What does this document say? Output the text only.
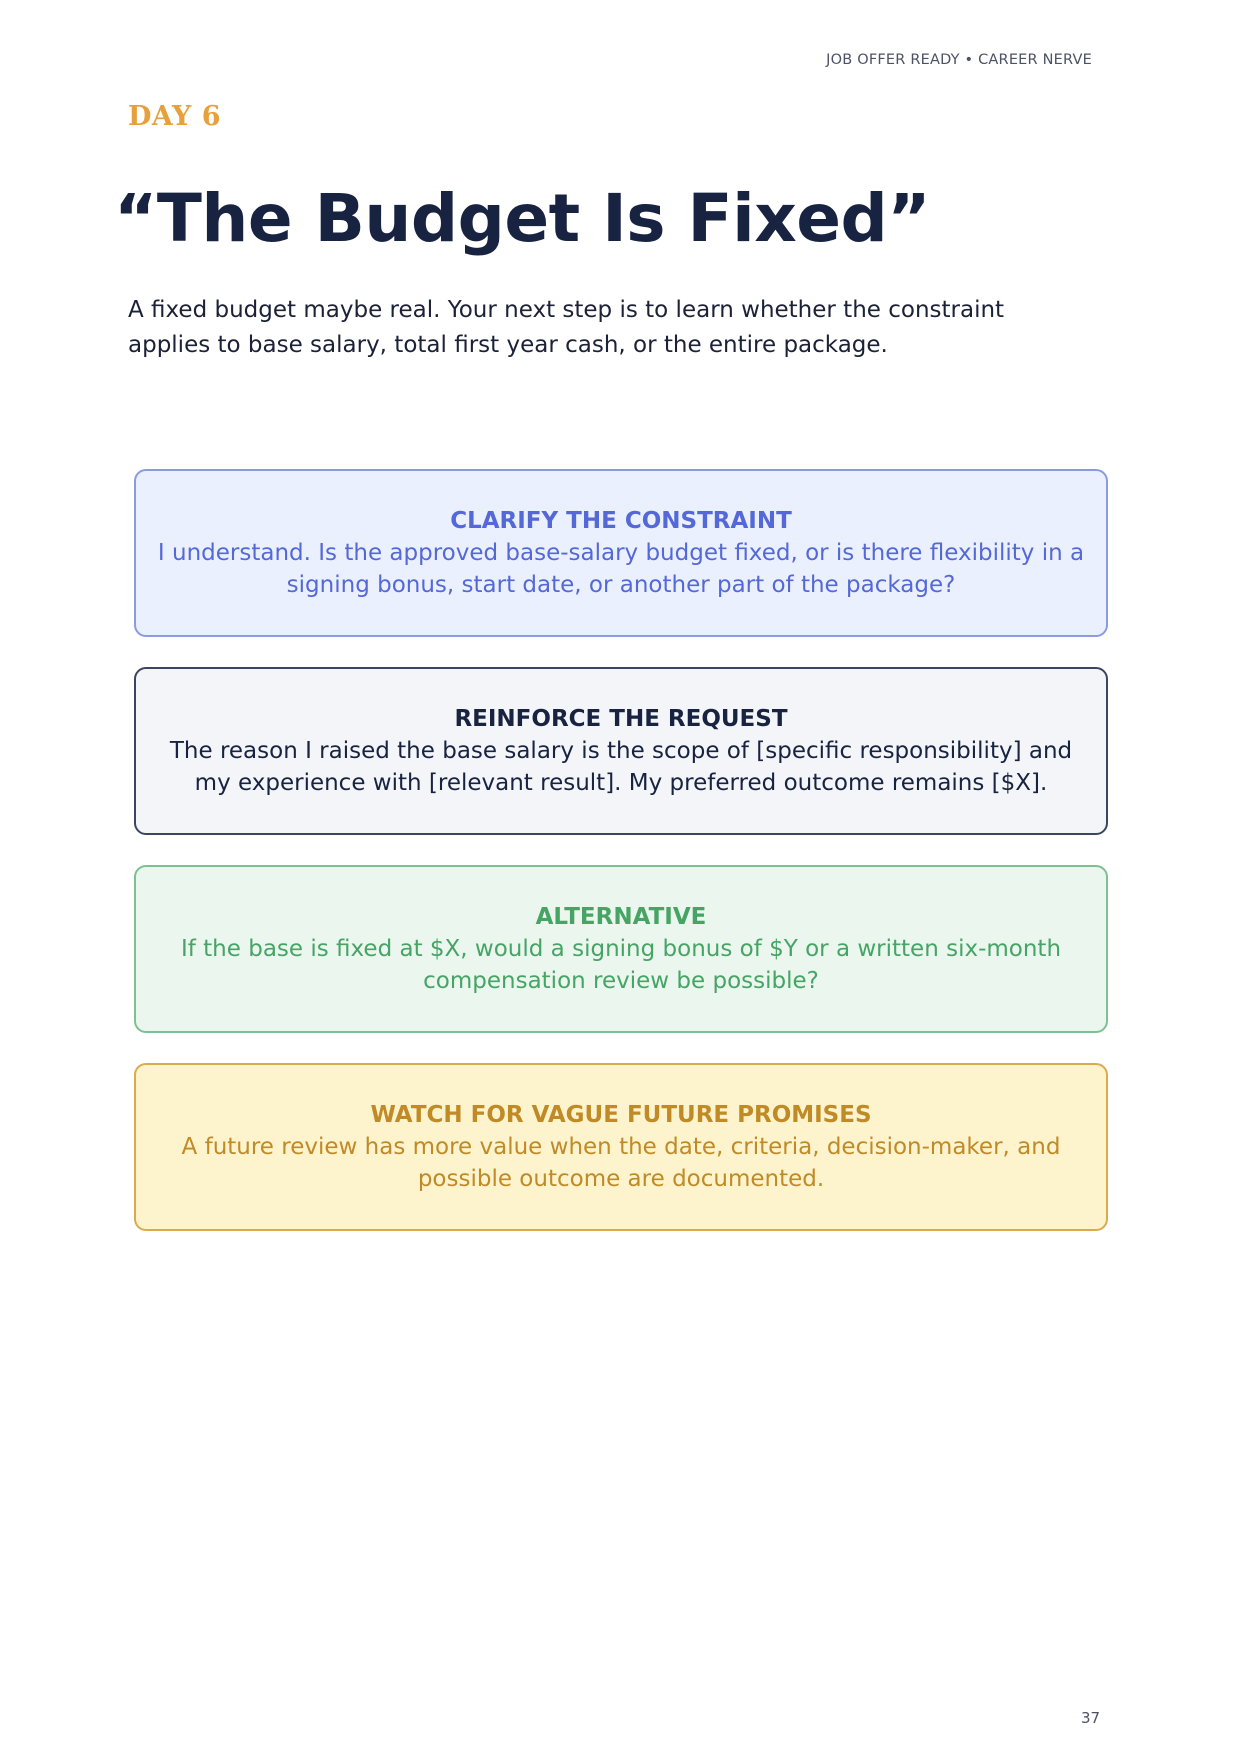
JOB OFFER READY • CAREER NERVE
DAY 6
“The Budget Is Fixed”

A fixed budget maybe real. Your next step is to learn whether the constraint applies to base salary, total first year cash, or the entire package.

CLARIFY THE CONSTRAINT
I understand. Is the approved base-salary budget fixed, or is there flexibility in a signing bonus, start date, or another part of the package?
REINFORCE THE REQUEST
The reason I raised the base salary is the scope of [specific responsibility] and my experience with [relevant result]. My preferred outcome remains [$X].
ALTERNATIVE
If the base is fixed at $X, would a signing bonus of $Y or a written six-month compensation review be possible?
WATCH FOR VAGUE FUTURE PROMISES
A future review has more value when the date, criteria, decision-maker, and possible outcome are documented.
37
